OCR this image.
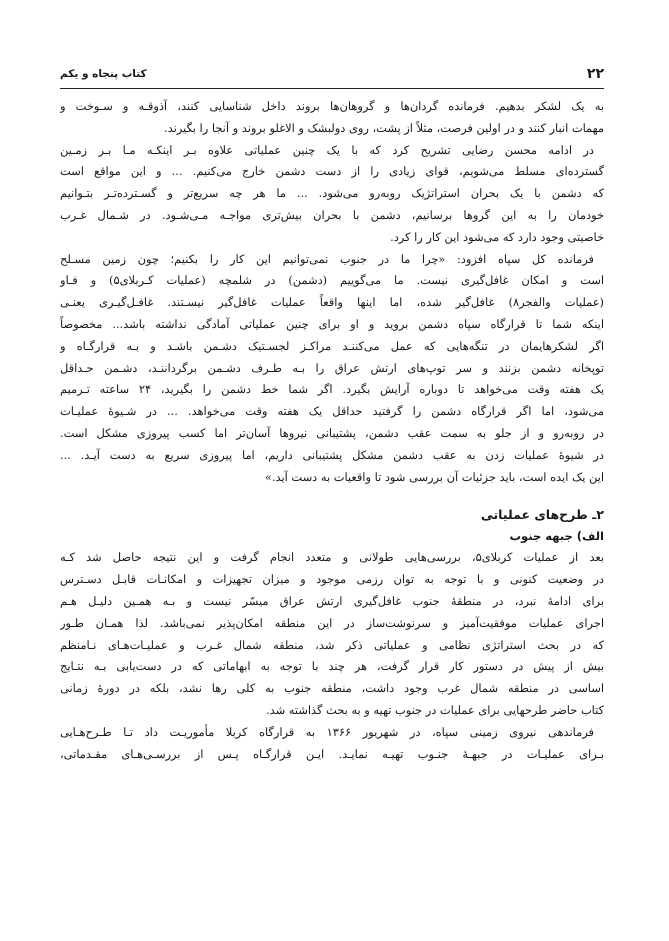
۲۲
کتاب پنجاه و یکم
به یک لشکر بدهیم. فرمانده گردان‌ها و گروهان‌ها بروند داخل شناسایی کنند، آذوقـه و سـوخت و
مهمات انبار کنند و در اولین فرصت، مثلاً از پشت، روی دولبشک و الاغلو بروند و آنجا را بگیرند.
در ادامه محسن رضایی تشریح کرد که با یک چنین عملیاتی علاوه بـر اینکـه مـا بـر زمـین
گسترده‌ای مسلط می‌شویم، قوای زیادی را از دست دشمن خارج می‌کنیم. ... و این مواقع است
که دشمن با یک بحران استراتژیک روبه‌رو می‌شود. ... ما هر چه سریع‌تر و گسـترده‌تـر بتـوانیم
خودمان را به این گروها برسانیم، دشمن با بحران بیش‌تری مواجـه مـی‌شـود. در شـمال غـرب
خاصیتی وجود دارد که می‌شود این کار را کرد.
فرمانده کل سپاه افزود: «چرا ما در جنوب نمی‌توانیم این کار را بکنیم؛ چون زمین مسـلح
است و امکان غافل‌گیری نیست. ما می‌گوییم (دشمن) در شلمچه (عملیات کـربلای۵) و فـاو
(عملیات والفجر۸) غافل‌گیر شده، اما اینها واقعاً عملیات غافل‌گیر نیسـتند. غافـل‌گیـری یعنـی
اینکه شما تا قرارگاه سپاه دشمن بروید و او برای چنین عملیاتی آمادگی نداشته باشد... مخصوصاً
اگر لشکرهایمان در تنگه‌هایی که عمل می‌کننـد مراکـز لجسـتیک دشـمن باشـد و بـه قرارگـاه و
توپخانه دشمن بزنند و سر توپ‌های ارتش عراق را بـه طـرف دشـمن برگرداننـد، دشـمن حـداقل
یک هفته وقت می‌خواهد تا دوباره آرایش بگیرد. اگر شما خط دشمن را بگیرید، ۲۴ ساعته تـرمیم
می‌شود، اما اگر قرارگاه دشمن را گرفتید حداقل یک هفته وقت می‌خواهد. ... در شـیوۀ عملیـات
در روبه‌رو و از جلو به سمت عقب دشمن، پشتیبانی نیروها آسان‌تر اما کسب پیروزی مشکل است.
در شیوۀ عملیات زدن به عقب دشمن مشکل پشتیبانی داریم، اما پیروزی سریع به دست آیـد. ...
این یک ایده است، باید جزئیات آن بررسی شود تا واقعیات به دست آید.»
۲ـ طرح‌های عملیاتی
الف) جبهه جنوب
بعد از عملیات کربلای۵، بررسی‌هایی طولانی و متعدد انجام گرفت و این نتیجه حاصل شد کـه
در وضعیت کنونی و با توجه به توان رزمی موجود و میزان تجهیزات و امکانـات قابـل دسـترس
برای ادامۀ نبرد، در منطقۀ جنوب غافل‌گیری ارتش عراق میسّر نیست و بـه همـین دلیـل هـم
اجرای عملیات موفقیت‌آمیز و سرنوشت‌ساز در این منطقه امکان‌پذیر نمی‌باشد. لذا همـان طـور
که در بحث استراتژی نظامی و عملیاتی ذکر شد، منطقه شمال غـرب و عملیـات‌هـای نـامنظم
بیش از پیش در دستور کار قرار گرفت، هر چند با توجه به ابهاماتی که در دست‌یابی بـه نتـایج
اساسی در منطقه شمال غرب وجود داشت، منطقه جنوب به کلی رها نشد، بلکه در دورۀ زمانی
کتاب حاضر طرحهایی برای عملیات در جنوب تهیه و به بحث گذاشته شد.
فرماندهی نیروی زمینی سپاه، در شهریور ۱۳۶۶ به قرارگاه کربلا مأموریـت داد تـا طـرح‌هـایی
بـرای عملیـات در جبهـۀ جنـوب تهیـه نمایـد. ایـن قرارگـاه پـس از بررسـی‌هـای مقـدماتی،
